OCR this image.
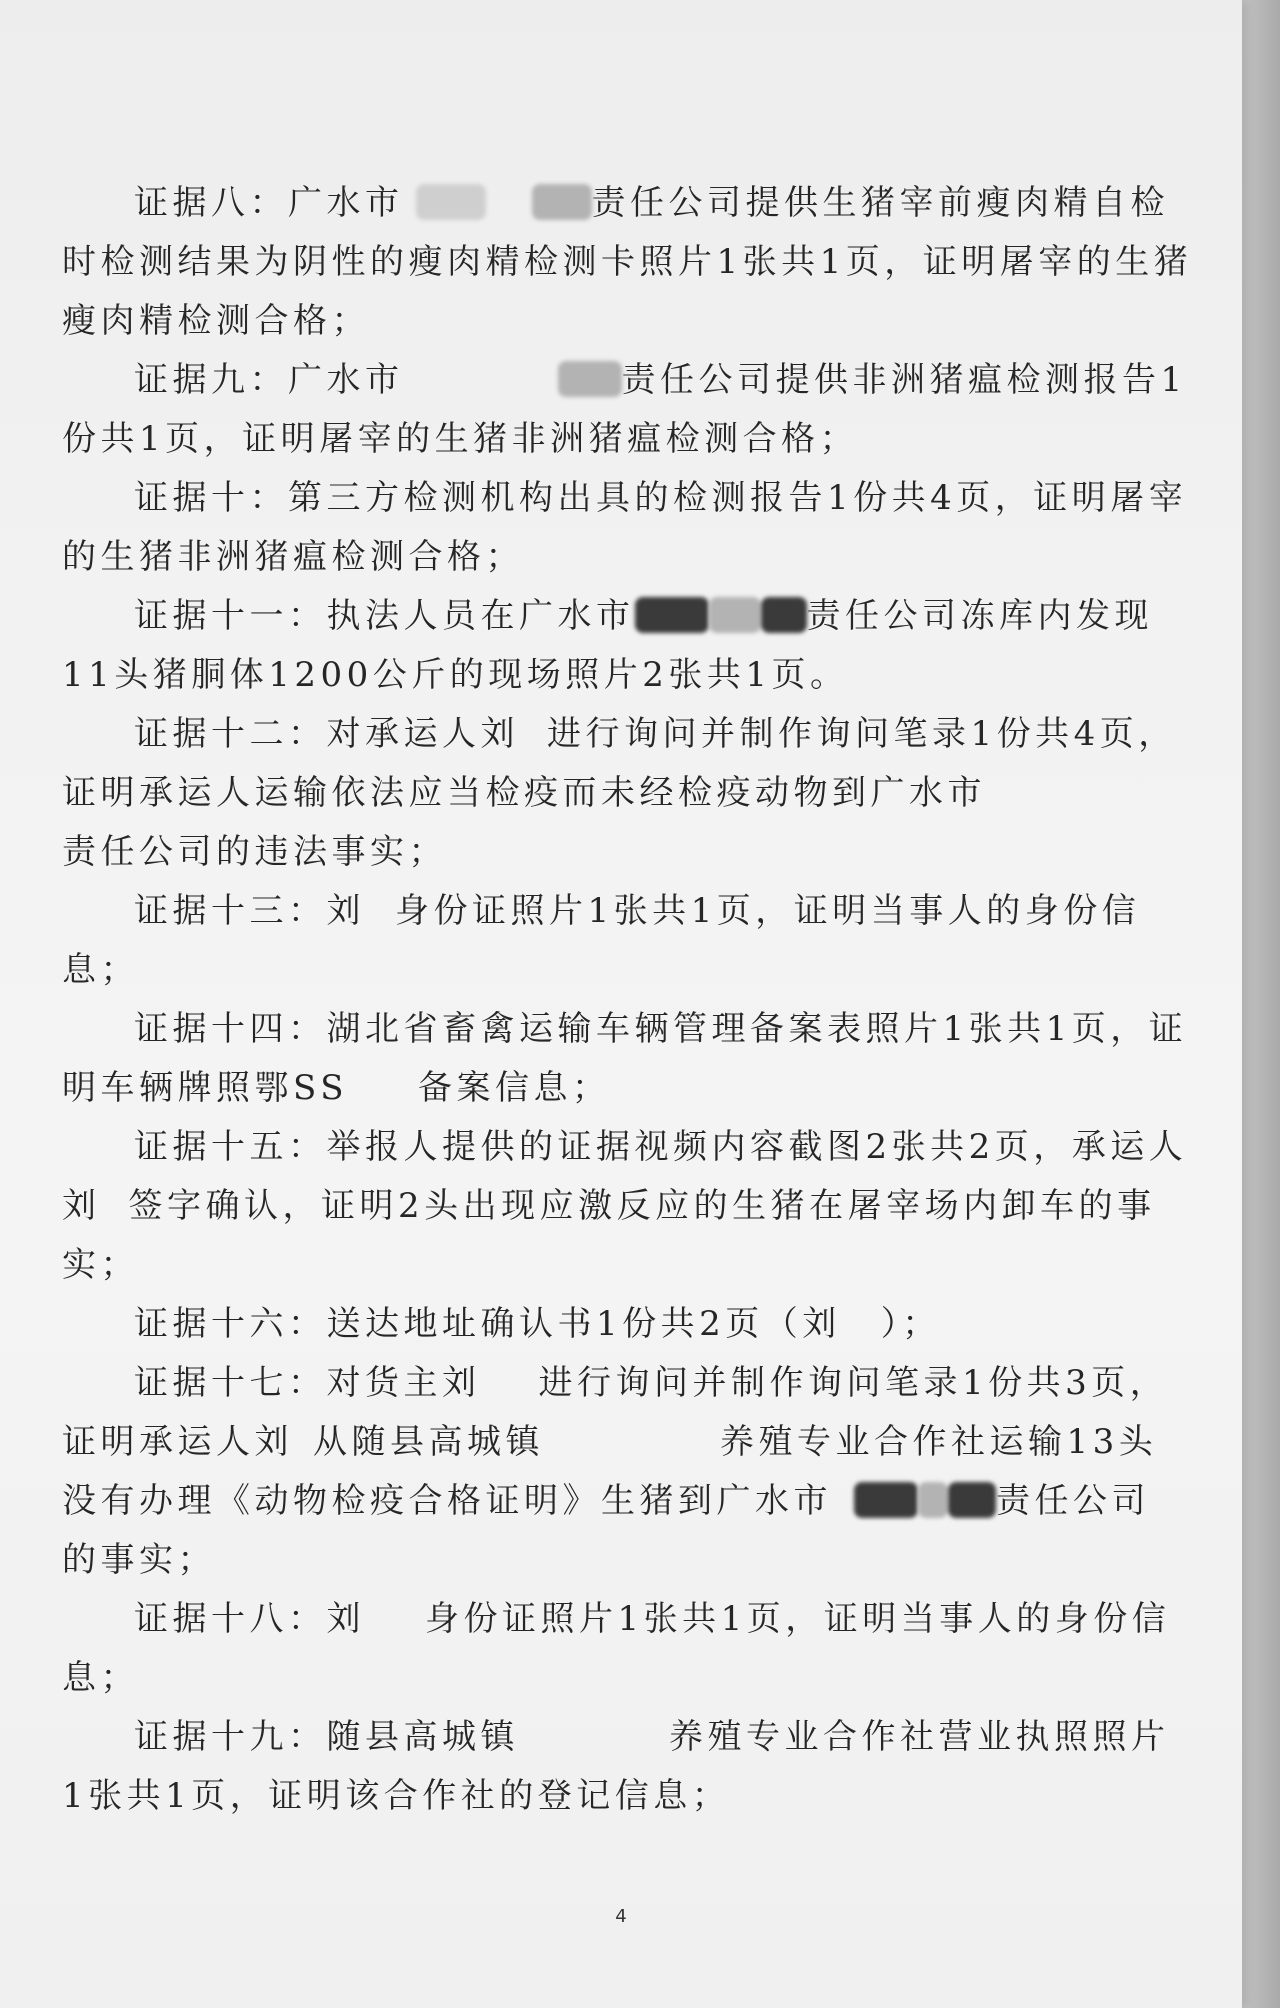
证据八：广水市	责任公司提供生猪宰前瘦肉精自检
时检测结果为阴性的瘦肉精检测卡照片1张共1页，证明屠宰的生猪
瘦肉精检测合格；

证据九：广水市	责任公司提供非洲猪瘟检测报告1
份共1页，证明屠宰的生猪非洲猪瘟检测合格；

证据十：第三方检测机构出具的检测报告1份共4页，证明屠宰
的生猪非洲猪瘟检测合格；

证据十一：执法人员在广水市	责任公司冻库内发现
11头猪胴体1200公斤的现场照片2张共1页。

证据十二：对承运人刘 进行询问并制作询问笔录1份共4页，
证明承运人运输依法应当检疫而未经检疫动物到广水市
责任公司的违法事实；

证据十三：刘 身份证照片1张共1页，证明当事人的身份信
息；

证据十四：湖北省畜禽运输车辆管理备案表照片1张共1页，证
明车辆牌照鄂SS 备案信息；

证据十五：举报人提供的证据视频内容截图2张共2页，承运人
刘 签字确认，证明2头出现应激反应的生猪在屠宰场内卸车的事
实；

证据十六：送达地址确认书1份共2页（刘 ）；

证据十七：对货主刘 进行询问并制作询问笔录1份共3页，
证明承运人刘 从随县高城镇	养殖专业合作社运输13头
没有办理《动物检疫合格证明》生猪到广水市	责任公司
的事实；

证据十八：刘 身份证照片1张共1页，证明当事人的身份信
息；

证据十九：随县高城镇	养殖专业合作社营业执照照片
1张共1页，证明该合作社的登记信息；

4
